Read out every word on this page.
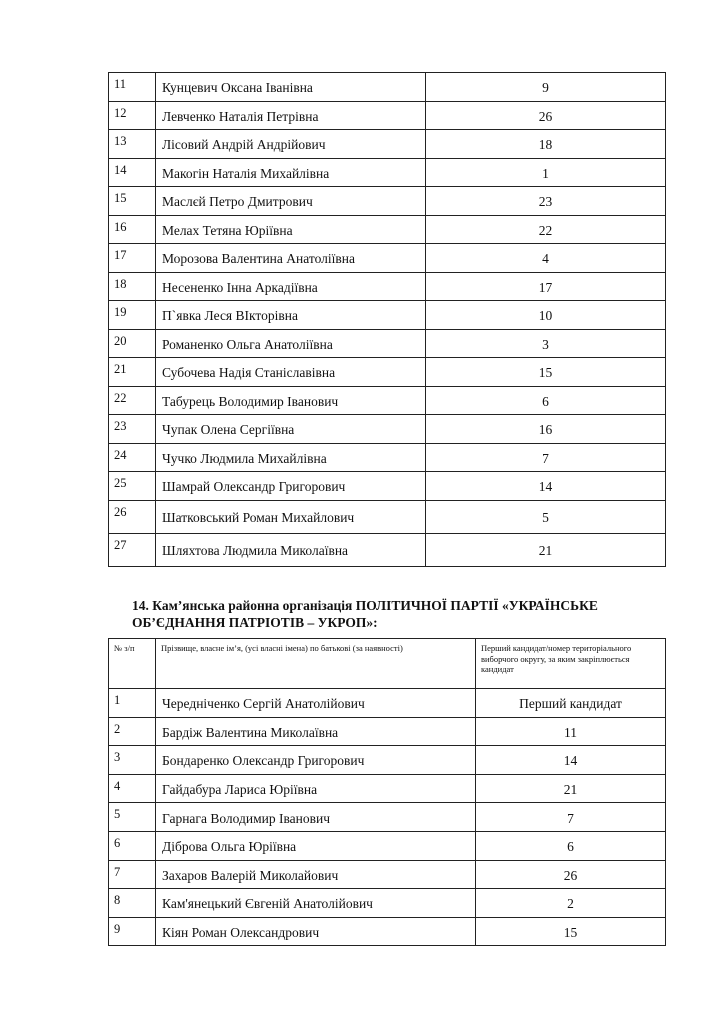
11	Кунцевич Оксана Іванівна	9
12	Левченко Наталія Петрівна	26
13	Лісовий Андрій Андрійович	18
14	Макогін Наталія Михайлівна	1
15	Маслєй Петро Дмитрович	23
16	Мелах Тетяна Юріївна	22
17	Морозова Валентина Анатоліївна	4
18	Несененко Інна Аркадіївна	17
19	П`явка Леся ВІкторівна	10
20	Романенко Ольга Анатоліївна	3
21	Субочева Надія Станіславівна	15
22	Табурець Володимир Іванович	6
23	Чупак Олена Сергіївна	16
24	Чучко Людмила Михайлівна	7
25	Шамрай Олександр Григорович	14
26	Шатковський Роман Михайлович	5
27	Шляхтова Людмила Миколаївна	21
14. Кам’янська районна організація ПОЛІТИЧНОЇ ПАРТІЇ «УКРАЇНСЬКЕ
ОБ’ЄДНАННЯ ПАТРІОТІВ – УКРОП»:
№ з/п	Прізвище, власне ім’я, (усі власні імена) по батькові (за наявності)	Перший кандидат/номер територіального виборчого округу, за яким закріплюється кандидат
1	Чередніченко Сергій Анатолійович	Перший кандидат
2	Бардіж Валентина Миколаївна	11
3	Бондаренко Олександр Григорович	14
4	Гайдабура Лариса Юріївна	21
5	Гарнага Володимир Іванович	7
6	Діброва Ольга Юріївна	6
7	Захаров Валерій Миколайович	26
8	Кам'янецький Євгеній Анатолійович	2
9	Кіян Роман Олександрович	15
